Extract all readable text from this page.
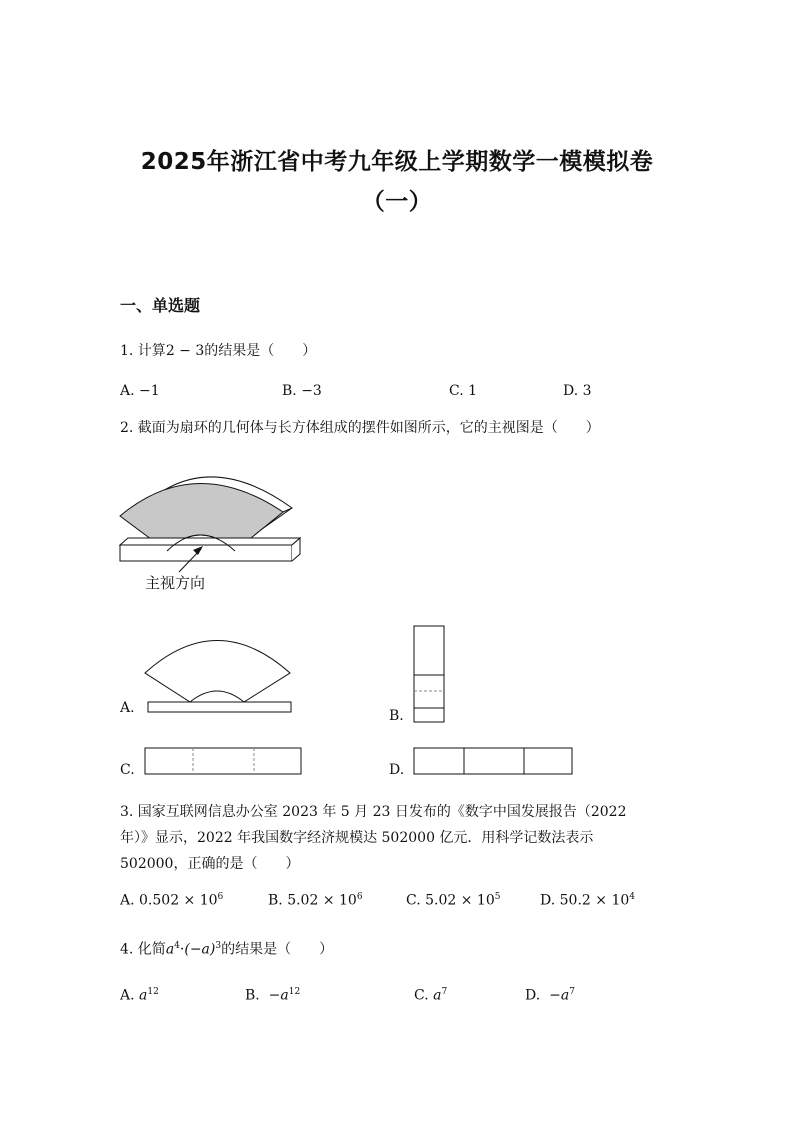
2025年浙江省中考九年级上学期数学一模模拟卷
（一）
一、单选题
1. 计算2 − 3的结果是（　　）
A. −1	B. −3	C. 1	D. 3
2. 截面为扇环的几何体与长方体组成的摆件如图所示，它的主视图是（　　）
主视方向
A.	B.
C.	D.
3. 国家互联网信息办公室 2023 年 5 月 23 日发布的《数字中国发展报告（2022
年）》显示，2022 年我国数字经济规模达 502000 亿元．用科学记数法表示
502000，正确的是（　　）
A. $0.502 \times 10^6$	B. $5.02 \times 10^6$	C. $5.02 \times 10^5$	D. $50.2 \times 10^4$
4. 化简$a^4\cdot(-a)^3$的结果是（　　）
A. $a^{12}$	B. $-a^{12}$	C. $a^7$	D. $-a^7$
